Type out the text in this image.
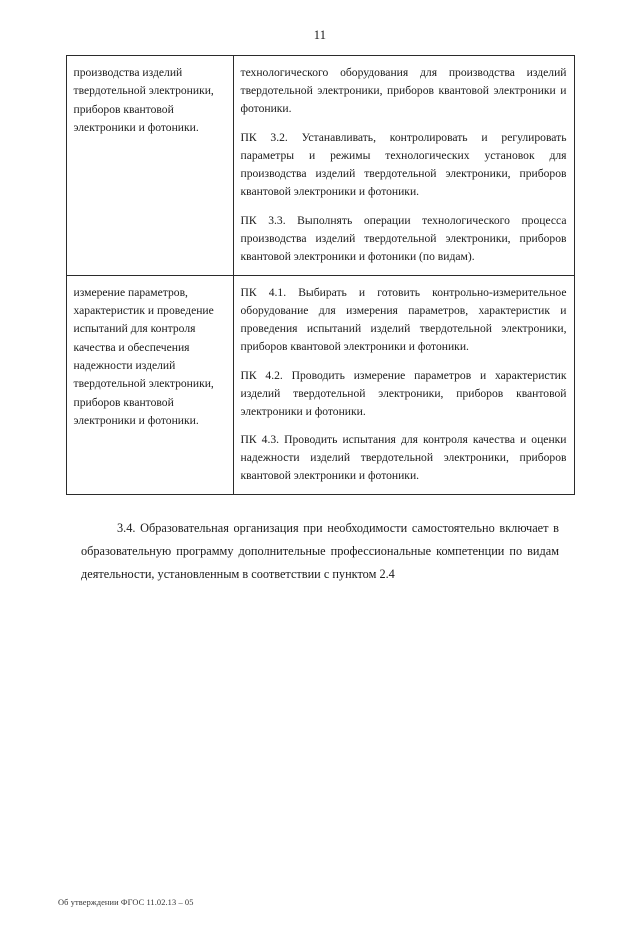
11

производства изделий твердотельной электроники, приборов квантовой электроники и фотоники.	технологического оборудования для производства изделий твердотельной электроники, приборов квантовой электроники и фотоники.

ПК 3.2. Устанавливать, контролировать и регулировать параметры и режимы технологических установок для производства изделий твердотельной электроники, приборов квантовой электроники и фотоники.

ПК 3.3. Выполнять операции технологического процесса производства изделий твердотельной электроники, приборов квантовой электроники и фотоники (по видам).

измерение параметров, характеристик и проведение испытаний для контроля качества и обеспечения надежности изделий твердотельной электроники, приборов квантовой электроники и фотоники.	ПК 4.1. Выбирать и готовить контрольно-измерительное оборудование для измерения параметров, характеристик и проведения испытаний изделий твердотельной электроники, приборов квантовой электроники и фотоники.

ПК 4.2. Проводить измерение параметров и характеристик изделий твердотельной электроники, приборов квантовой электроники и фотоники.

ПК 4.3. Проводить испытания для контроля качества и оценки надежности изделий твердотельной электроники, приборов квантовой электроники и фотоники.

3.4. Образовательная организация при необходимости самостоятельно включает в образовательную программу дополнительные профессиональные компетенции по видам деятельности, установленным в соответствии с пунктом 2.4
Об утверждении ФГОС 11.02.13 – 05
